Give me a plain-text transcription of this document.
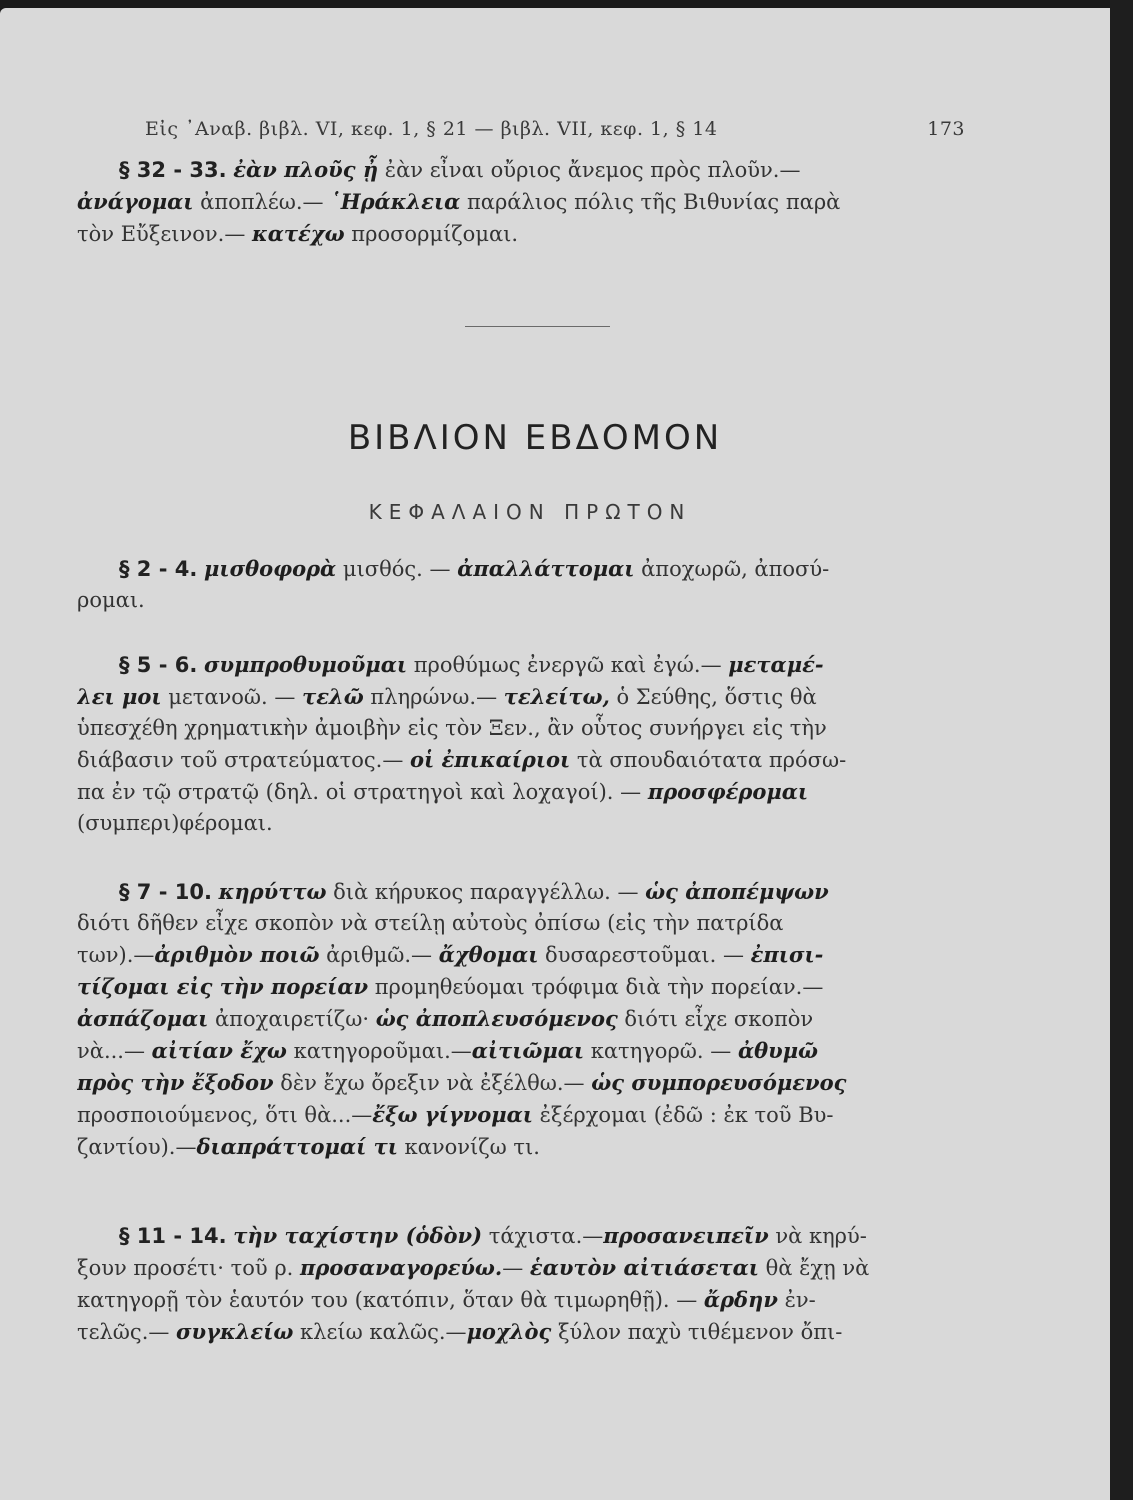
Εἰς ᾿Αναβ. βιβλ. VI, κεφ. 1, § 21 — βιβλ. VII, κεφ. 1, § 14	173
§ 32 - 33. ἐὰν πλοῦς ᾖ ἐὰν εἶναι οὔριος ἄνεμος πρὸς πλοῦν.—
ἀνάγομαι ἀποπλέω.— ῾Ηράκλεια παράλιος πόλις τῆς Βιθυνίας παρὰ
τὸν Εὔξεινον.— κατέχω προσορμίζομαι.
ΒΙΒΛΙΟΝ ΕΒΔΟΜΟΝ
ΚΕΦΑΛΑΙΟΝ ΠΡΩΤΟΝ
§ 2 - 4. μισθοφορὰ μισθός. — ἀπαλλάττομαι ἀποχωρῶ, ἀποσύ-
ρομαι.
§ 5 - 6. συμπροθυμοῦμαι προθύμως ἐνεργῶ καὶ ἐγώ.— μεταμέ-
λει μοι μετανοῶ. — τελῶ πληρώνω.— τελείτω, ὁ Σεύθης, ὅστις θὰ
ὑπεσχέθη χρηματικὴν ἀμοιβὴν εἰς τὸν Ξεν., ἂν οὗτος συνήργει εἰς τὴν
διάβασιν τοῦ στρατεύματος.— οἱ ἐπικαίριοι τὰ σπουδαιότατα πρόσω-
πα ἐν τῷ στρατῷ (δηλ. οἱ στρατηγοὶ καὶ λοχαγοί). — προσφέρομαι
(συμπερι)φέρομαι.
§ 7 - 10. κηρύττω διὰ κήρυκος παραγγέλλω. — ὡς ἀποπέμψων
διότι δῆθεν εἶχε σκοπὸν νὰ στείλῃ αὐτοὺς ὀπίσω (εἰς τὴν πατρίδα
των).—ἀριθμὸν ποιῶ ἀριθμῶ.— ἄχθομαι δυσαρεστοῦμαι. — ἐπισι-
τίζομαι εἰς τὴν πορείαν προμηθεύομαι τρόφιμα διὰ τὴν πορείαν.—
ἀσπάζομαι ἀποχαιρετίζω· ὡς ἀποπλευσόμενος διότι εἶχε σκοπὸν
νὰ...— αἰτίαν ἔχω κατηγοροῦμαι.—αἰτιῶμαι κατηγορῶ. — ἀθυμῶ
πρὸς τὴν ἔξοδον δὲν ἔχω ὄρεξιν νὰ ἐξέλθω.— ὡς συμπορευσόμενος
προσποιούμενος, ὅτι θὰ...—ἔξω γίγνομαι ἐξέρχομαι (ἐδῶ : ἐκ τοῦ Βυ-
ζαντίου).—διαπράττομαί τι κανονίζω τι.
§ 11 - 14. τὴν ταχίστην (ὁδὸν) τάχιστα.—προσανειπεῖν νὰ κηρύ-
ξουν προσέτι· τοῦ ρ. προσαναγορεύω.— ἑαυτὸν αἰτιάσεται θὰ ἔχῃ νὰ
κατηγορῇ τὸν ἑαυτόν του (κατόπιν, ὅταν θὰ τιμωρηθῇ). — ἄρδην ἐν-
τελῶς.— συγκλείω κλείω καλῶς.—μοχλὸς ξύλον παχὺ τιθέμενον ὄπι-
